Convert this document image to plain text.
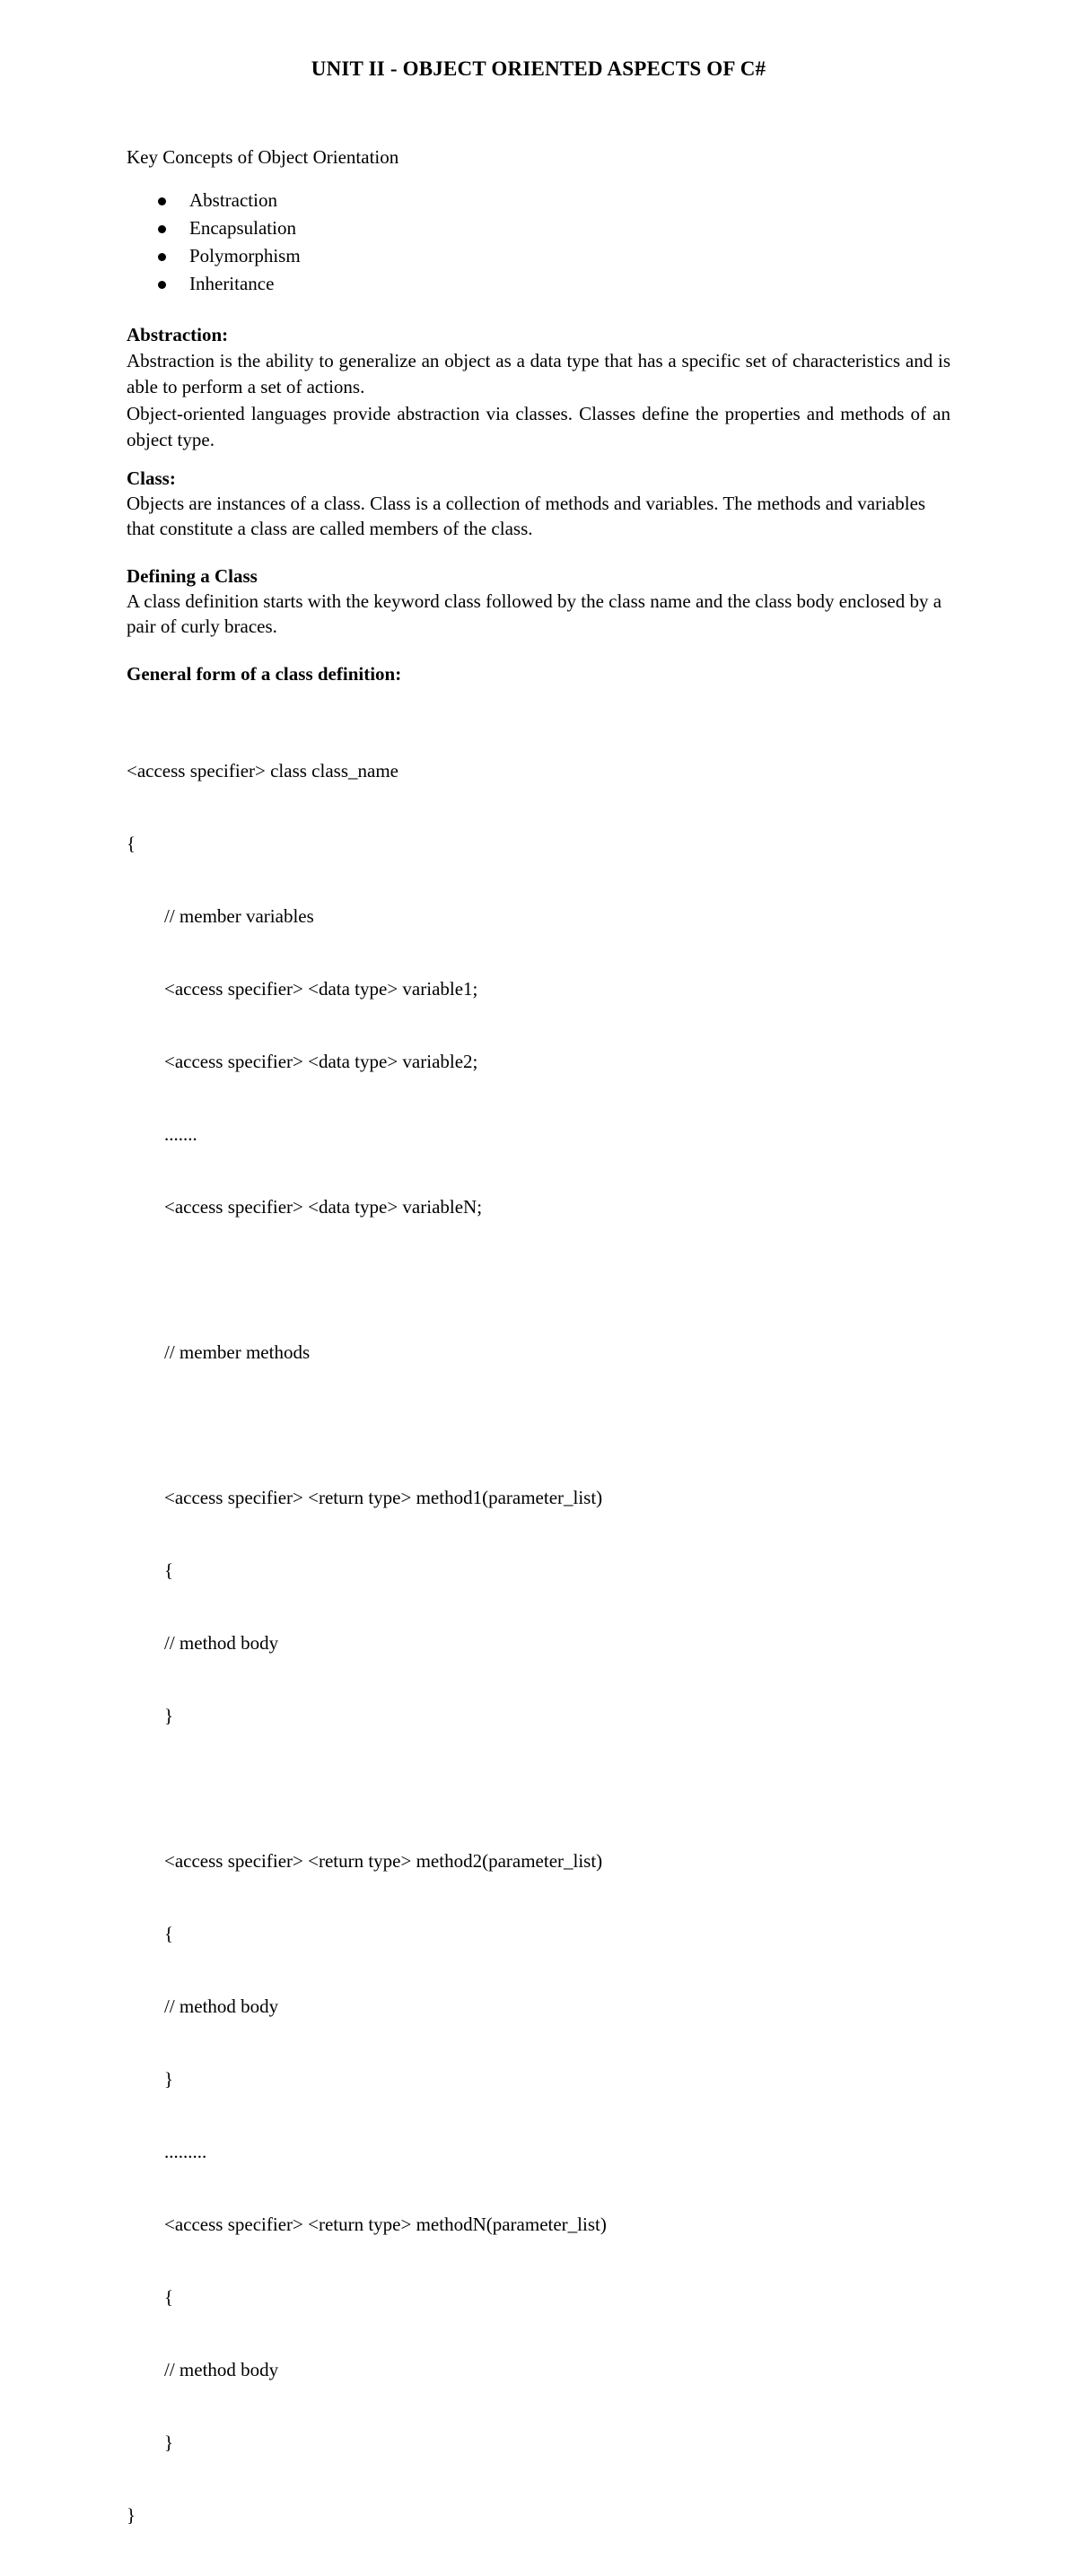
UNIT II - OBJECT ORIENTED ASPECTS OF C#
Key Concepts of Object Orientation
Abstraction
Encapsulation
Polymorphism
Inheritance
Abstraction:
Abstraction is the ability to generalize an object as a data type that has a specific set of characteristics and is able to perform a set of actions.
Object-oriented languages provide abstraction via classes. Classes define the properties and methods of an object type.
Class:
Objects are instances of a class. Class is a collection of methods and variables. The methods and variables that constitute a class are called members of the class.
Defining a Class
A class definition starts with the keyword class followed by the class name and the class body enclosed by a pair of curly braces.
General form of a class definition:

<access specifier> class class_name

{

// member variables

<access specifier> <data type> variable1;

<access specifier> <data type> variable2;

.......

<access specifier> <data type> variableN;

// member methods

<access specifier> <return type> method1(parameter_list)

{

// method body

}

<access specifier> <return type> method2(parameter_list)

{

// method body

}

.........

<access specifier> <return type> methodN(parameter_list)

{

// method body

}

}
